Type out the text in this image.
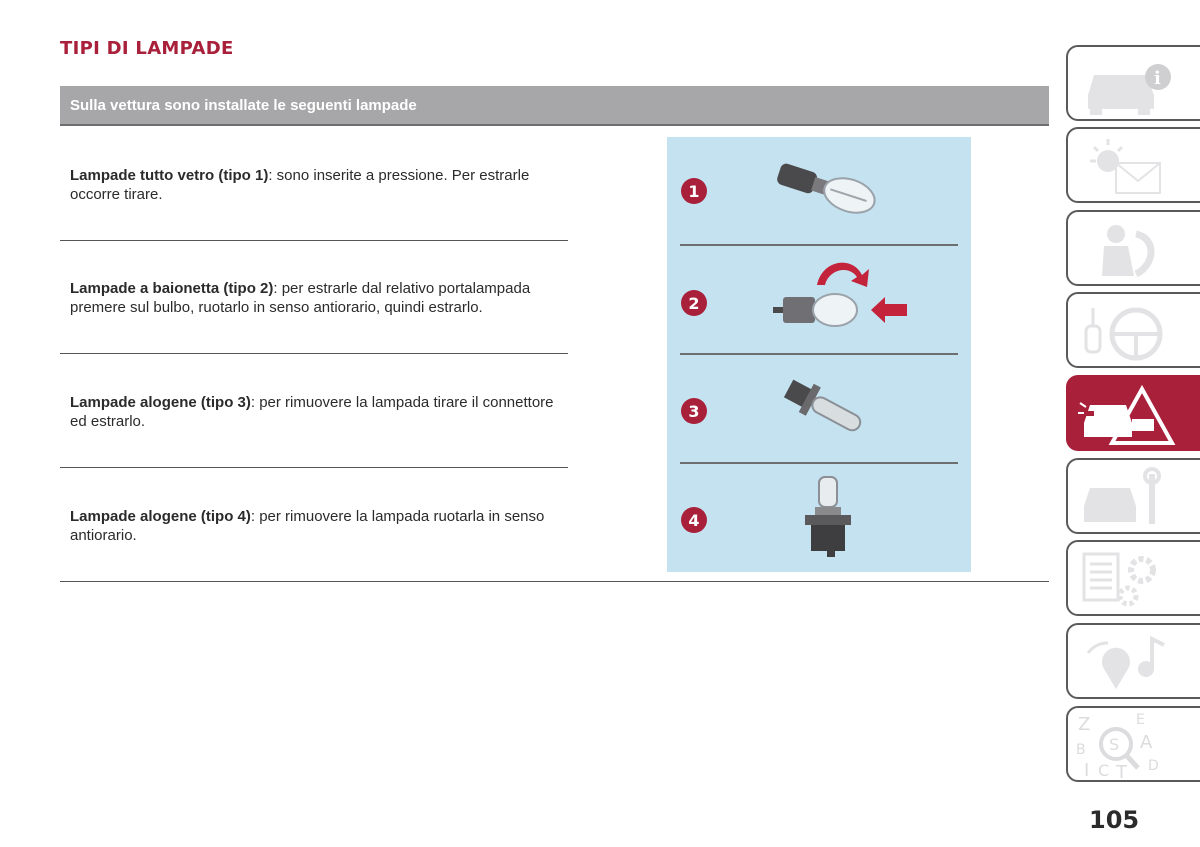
TIPI DI LAMPADE
Sulla vettura sono installate le seguenti lampade
Lampade tutto vetro (tipo 1): sono inserite a pressione. Per estrarle occorre tirare.
Lampade a baionetta (tipo 2): per estrarle dal relativo portalampada premere sul bulbo, ruotarlo in senso antiorario, quindi estrarlo.
Lampade alogene (tipo 3): per rimuovere la lampada tirare il connettore ed estrarlo.
Lampade alogene (tipo 4): per rimuovere la lampada ruotarla in senso antiorario.
1
2
3
4
i
Z	E
B S A
I C T D
105
